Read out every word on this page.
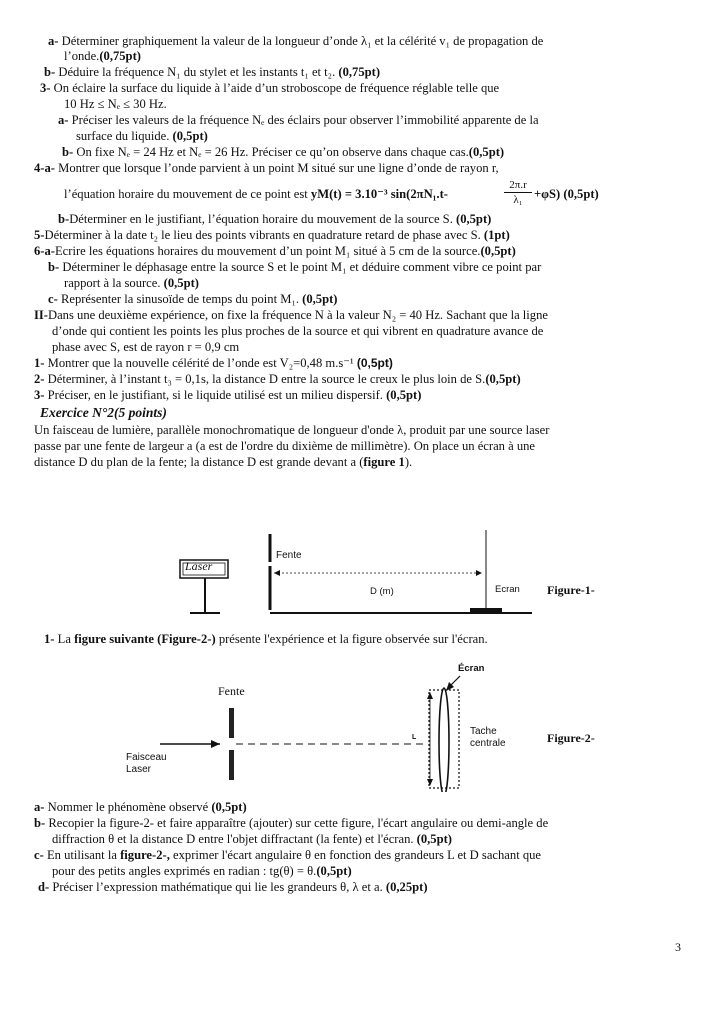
a- Déterminer graphiquement la valeur de la longueur d’onde λ₁ et la célérité v₁ de propagation de
l’onde.(0,75pt)
b- Déduire la fréquence N₁ du stylet et les instants t₁ et t₂. (0,75pt)
3- On éclaire la surface du liquide à l’aide d’un stroboscope de fréquence réglable telle que
10 Hz ≤ Nₑ ≤ 30 Hz.
a- Préciser les valeurs de la fréquence Nₑ des éclairs pour observer l’immobilité apparente de la
surface du liquide. (0,5pt)
b- On fixe Nₑ = 24 Hz et Nₑ = 26 Hz. Préciser ce qu’on observe dans chaque cas.(0,5pt)
4-a- Montrer que lorsque l’onde parvient à un point M situé sur une ligne d’onde de rayon r,
l’équation horaire du mouvement de ce point est yM(t) = 3.10⁻³ sin(2πN₁.t-
2π.r
λ₁ +φS) (0,5pt)
b-Déterminer en le justifiant, l’équation horaire du mouvement de la source S. (0,5pt)
5-Déterminer à la date t₂ le lieu des points vibrants en quadrature retard de phase avec S. (1pt)
6-a-Ecrire les équations horaires du mouvement d’un point M₁ situé à 5 cm de la source.(0,5pt)
b- Déterminer le déphasage entre la source S et le point M₁ et déduire comment vibre ce point par
rapport à la source. (0,5pt)
c- Représenter la sinusoïde de temps du point M₁. (0,5pt)
II-Dans une deuxième expérience, on fixe la fréquence N à la valeur N₂ = 40 Hz. Sachant que la ligne
d’onde qui contient les points les plus proches de la source et qui vibrent en quadrature avance de
phase avec S, est de rayon r = 0,9 cm
1- Montrer que la nouvelle célérité de l’onde est V₂=0,48 m.s⁻¹ (0,5pt)
2- Déterminer, à l’instant t₃ = 0,1s, la distance D entre la source le creux le plus loin de S.(0,5pt)
3- Préciser, en le justifiant, si le liquide utilisé est un milieu dispersif. (0,5pt)
Exercice N°2(5 points)
Un faisceau de lumière, parallèle monochromatique de longueur d'onde λ, produit par une source laser
passe par une fente de largeur a (a est de l'ordre du dixième de millimètre). On place un écran à une
distance D du plan de la fente; la distance D est grande devant a (figure 1).
Laser
Fente
D (m)	Ecran Figure-1-
1- La figure suivante (Figure-2-) présente l'expérience et la figure observée sur l'écran.
Écran
Fente
Faisceau
Laser
L
Tache
centrale	Figure-2-
a- Nommer le phénomène observé (0,5pt)
b- Recopier la figure-2- et faire apparaître (ajouter) sur cette figure, l'écart angulaire ou demi-angle de
diffraction θ et la distance D entre l'objet diffractant (la fente) et l'écran. (0,5pt)
c- En utilisant la figure-2-, exprimer l'écart angulaire θ en fonction des grandeurs L et D sachant que
pour des petits angles exprimés en radian : tg(θ) = θ.(0,5pt)
d- Préciser l’expression mathématique qui lie les grandeurs θ, λ et a. (0,25pt)
3
